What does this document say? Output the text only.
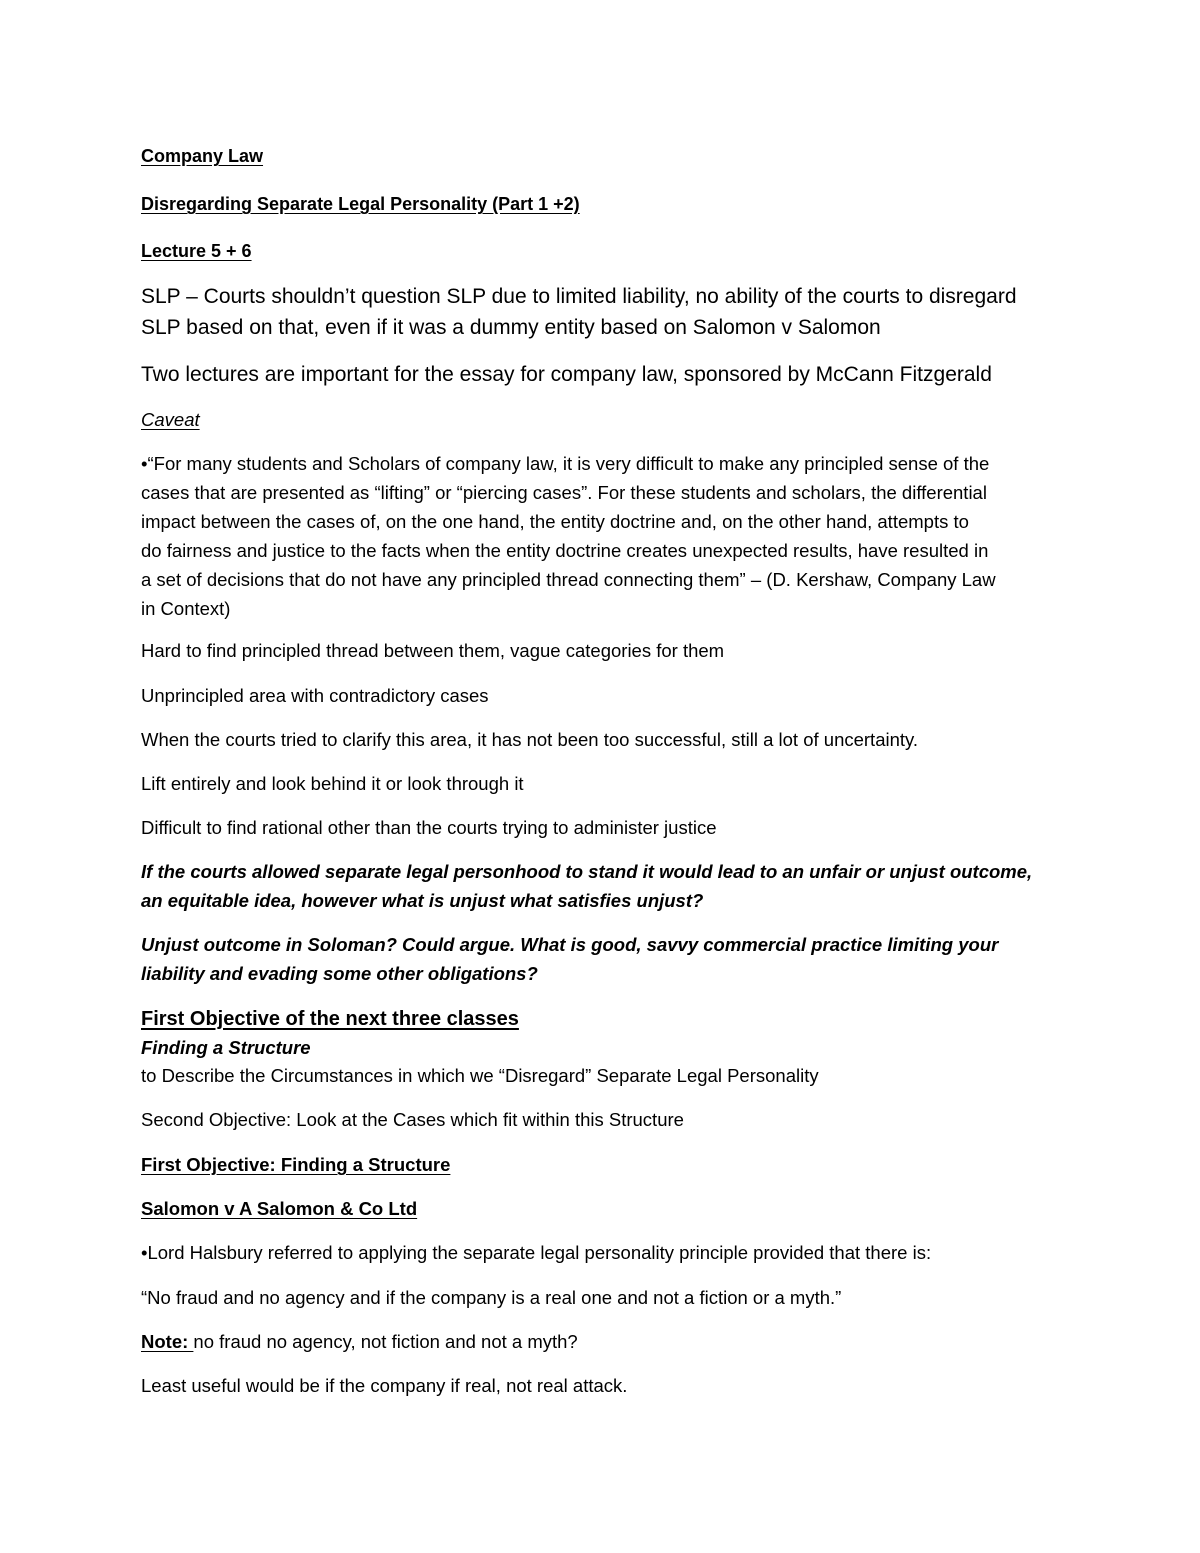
Company Law
Disregarding Separate Legal Personality (Part 1 +2)
Lecture 5 + 6
SLP – Courts shouldn’t question SLP due to limited liability, no ability of the courts to disregard
SLP based on that, even if it was a dummy entity based on Salomon v Salomon
Two lectures are important for the essay for company law, sponsored by McCann Fitzgerald
Caveat
•“For many students and Scholars of company law, it is very difficult to make any principled sense of the
cases that are presented as “lifting” or “piercing cases”. For these students and scholars, the differential
impact between the cases of, on the one hand, the entity doctrine and, on the other hand, attempts to
do fairness and justice to the facts when the entity doctrine creates unexpected results, have resulted in
a set of decisions that do not have any principled thread connecting them” – (D. Kershaw, Company Law
in Context)
Hard to find principled thread between them, vague categories for them
Unprincipled area with contradictory cases
When the courts tried to clarify this area, it has not been too successful, still a lot of uncertainty.
Lift entirely and look behind it or look through it
Difficult to find rational other than the courts trying to administer justice
If the courts allowed separate legal personhood to stand it would lead to an unfair or unjust outcome,
an equitable idea, however what is unjust what satisfies unjust?
Unjust outcome in Soloman? Could argue. What is good, savvy commercial practice limiting your
liability and evading some other obligations?
First Objective of the next three classes
Finding a Structure
to Describe the Circumstances in which we “Disregard” Separate Legal Personality
Second Objective: Look at the Cases which fit within this Structure
First Objective: Finding a Structure
Salomon v A Salomon & Co Ltd
•Lord Halsbury referred to applying the separate legal personality principle provided that there is:
“No fraud and no agency and if the company is a real one and not a fiction or a myth.”
Note: no fraud no agency, not fiction and not a myth?
Least useful would be if the company if real, not real attack.
